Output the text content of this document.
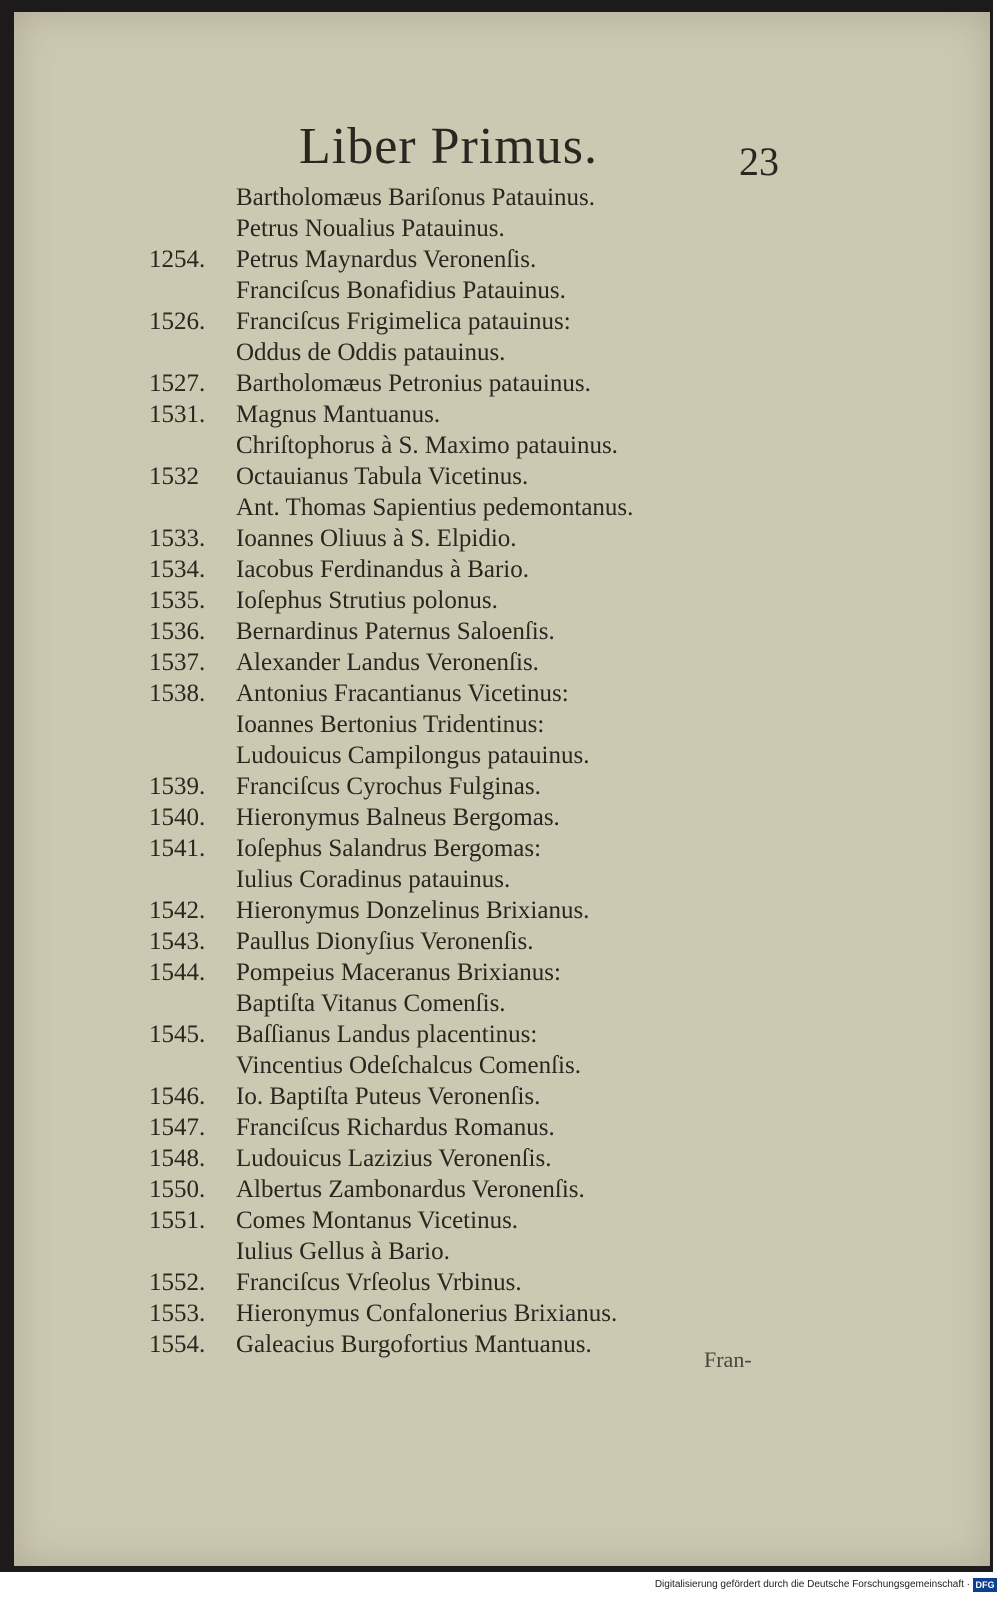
Liber Primus.	23
Bartholomæus Bariſonus Patauinus.
Petrus Noualius Patauinus.
1254.	Petrus Maynardus Veronenſis.
Franciſcus Bonafidius Patauinus.
1526.	Franciſcus Frigimelica patauinus:
Oddus de Oddis patauinus.
1527.	Bartholomæus Petronius patauinus.
1531.	Magnus Mantuanus.
Chriſtophorus à S. Maximo patauinus.
1532	Octauianus Tabula Vicetinus.
Ant. Thomas Sapientius pedemontanus.
1533.	Ioannes Oliuus à S. Elpidio.
1534.	Iacobus Ferdinandus à Bario.
1535.	Ioſephus Strutius polonus.
1536.	Bernardinus Paternus Saloenſis.
1537.	Alexander Landus Veronenſis.
1538.	Antonius Fracantianus Vicetinus:
Ioannes Bertonius Tridentinus:
Ludouicus Campilongus patauinus.
1539.	Franciſcus Cyrochus Fulginas.
1540.	Hieronymus Balneus Bergomas.
1541.	Ioſephus Salandrus Bergomas:
Iulius Coradinus patauinus.
1542.	Hieronymus Donzelinus Brixianus.
1543.	Paullus Dionyſius Veronenſis.
1544.	Pompeius Maceranus Brixianus:
Baptiſta Vitanus Comenſis.
1545.	Baſſianus Landus placentinus:
Vincentius Odeſchalcus Comenſis.
1546.	Io. Baptiſta Puteus Veronenſis.
1547.	Franciſcus Richardus Romanus.
1548.	Ludouicus Lazizius Veronenſis.
1550.	Albertus Zambonardus Veronenſis.
1551.	Comes Montanus Vicetinus.
Iulius Gellus à Bario.
1552.	Franciſcus Vrſeolus Vrbinus.
1553.	Hieronymus Confalonerius Brixianus.
1554.	Galeacius Burgofortius Mantuanus.
Fran-
Digitalisierung gefördert durch die Deutsche Forschungsgemeinschaft · DFG
